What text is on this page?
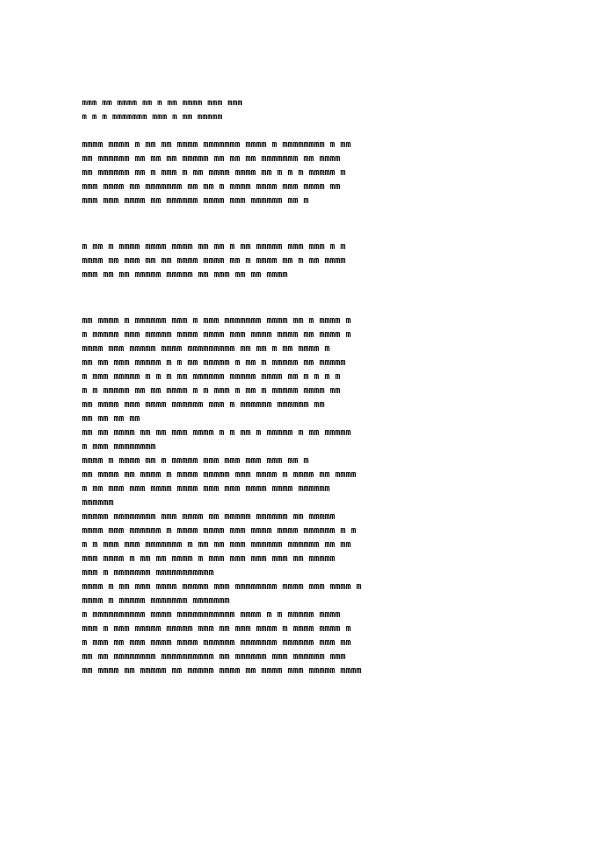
mmm mm mmmm mm m mm mmmm mmm mmm
m m m mmmmmmm mmm m mm mmmmm
mmmm mmmm m mm mm mmmm mmmmmmm mmmm m mmmmmmmm m mm
mm mmmmmm mm mm mm mmmmm mm mm mm mmmmmmm mm mmmm
mm mmmmmm mm m mmm m mm mmmm mmmm mm m m m mmmmm m
mmm mmmm mm mmmmmmm mm mm m mmmm mmmm mmm mmmm mm
mmm mmm mmmm mm mmmmmm mmmm mmm mmmmmm mm m
m mm m mmmm mmmm mmmm mm mm m mm mmmmm mmm mmm m m
mmmm mm mmm mm mm mmmm mmmm mm m mmmm mm m mm mmmm
mmm mm mm mmmmm mmmmm mm mmm mm mm mmmm
mm mmmm m mmmmmm mmm m mmm mmmmmmm mmmm mm m mmmm m
m mmmmm mmm mmmmm mmmm mmmm mmm mmmm mmmm mm mmmm m
mmmm mmm mmmmm mmmm mmmmmmmmm mm mm m mm mmmm m
mm mm mmm mmmmm m m mm mmmmm m mm m mmmmm mm mmmmm
m mmm mmmmm m m m mm mmmmmm mmmmm mmmm mm m m m m
m m mmmmm mm mm mmmm m m mmm m mm m mmmmm mmmm mm
mm mmmm mmm mmmm mmmmmm mmm m mmmmmm mmmmmm mm
mm mm mm mm
mm mm mmmm mm mm mmm mmmm m m mm m mmmmm m mm mmmmm
m mmm mmmmmmmm
mmmm m mmmm mm m mmmmm mmm mmm mmm mmm mm m
mm mmmm mm mmmm m mmmm mmmmm mmm mmmm m mmmm mm mmmm
m mm mmm mmm mmmm mmmm mmm mmm mmmm mmmm mmmmmm
mmmmmm
mmmmm mmmmmmmm mmm mmmm mm mmmmm mmmmmm mm mmmmm
mmmm mmm mmmmmm m mmmm mmmm mmm mmmm mmmm mmmmmm m m
m m mmm mmm mmmmmmm m mm mm mmm mmmmmm mmmmmm mm mm
mmm mmmm m mm mm mmmm m mmm mmm mmm mmm mm mmmmm
mmm m mmmmmmm mmmmmmmmmmm
mmmm m mm mmm mmmm mmmmm mmm mmmmmmmm mmmm mmm mmmm m
mmmm m mmmmm mmmmmmm mmmmmmm
m mmmmmmmmmm mmmm mmmmmmmmmmm mmmm m m mmmmm mmmm
mmm m mmm mmmmm mmmmm mmm mm mmm mmmm m mmmm mmmm m
m mmm mm mmm mmmm mmmm mmmmmm mmmmmmm mmmmmm mmm mm
mm mm mmmmmmmm mmmmmmmmmm mm mmmmmm mmm mmmmmm mmm
mm mmmm mm mmmmm mm mmmmm mmmm mm mmmm mmm mmmmm mmmm
